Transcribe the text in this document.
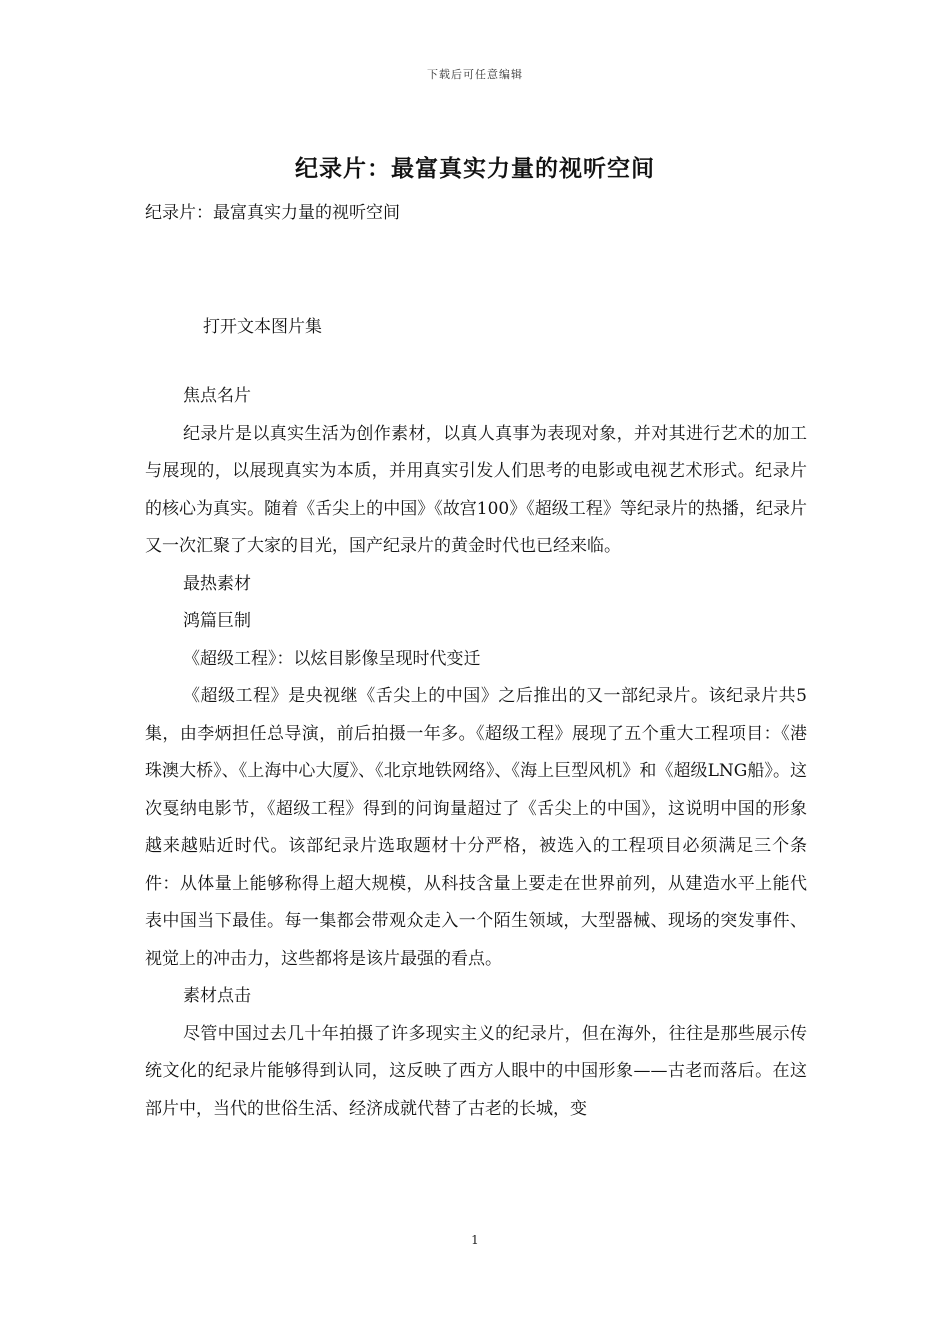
下载后可任意编辑
纪录片：最富真实力量的视听空间

纪录片：最富真实力量的视听空间

打开文本图片集

焦点名片

纪录片是以真实生活为创作素材，以真人真事为表现对象，并对其进行艺术的加工与展现的，以展现真实为本质，并用真实引发人们思考的电影或电视艺术形式。纪录片的核心为真实。随着《舌尖上的中国》《故宫100》《超级工程》等纪录片的热播，纪录片又一次汇聚了大家的目光，国产纪录片的黄金时代也已经来临。

最热素材

鸿篇巨制

《超级工程》：以炫目影像呈现时代变迁

《超级工程》是央视继《舌尖上的中国》之后推出的又一部纪录片。该纪录片共5集，由李炳担任总导演，前后拍摄一年多。《超级工程》展现了五个重大工程项目：《港珠澳大桥》、《上海中心大厦》、《北京地铁网络》、《海上巨型风机》和《超级LNG船》。这次戛纳电影节，《超级工程》得到的问询量超过了《舌尖上的中国》，这说明中国的形象越来越贴近时代。该部纪录片选取题材十分严格，被选入的工程项目必须满足三个条件：从体量上能够称得上超大规模，从科技含量上要走在世界前列，从建造水平上能代表中国当下最佳。每一集都会带观众走入一个陌生领域，大型器械、现场的突发事件、视觉上的冲击力，这些都将是该片最强的看点。

素材点击

尽管中国过去几十年拍摄了许多现实主义的纪录片，但在海外，往往是那些展示传统文化的纪录片能够得到认同，这反映了西方人眼中的中国形象——古老而落后。在这部片中，当代的世俗生活、经济成就代替了古老的长城，变

1
